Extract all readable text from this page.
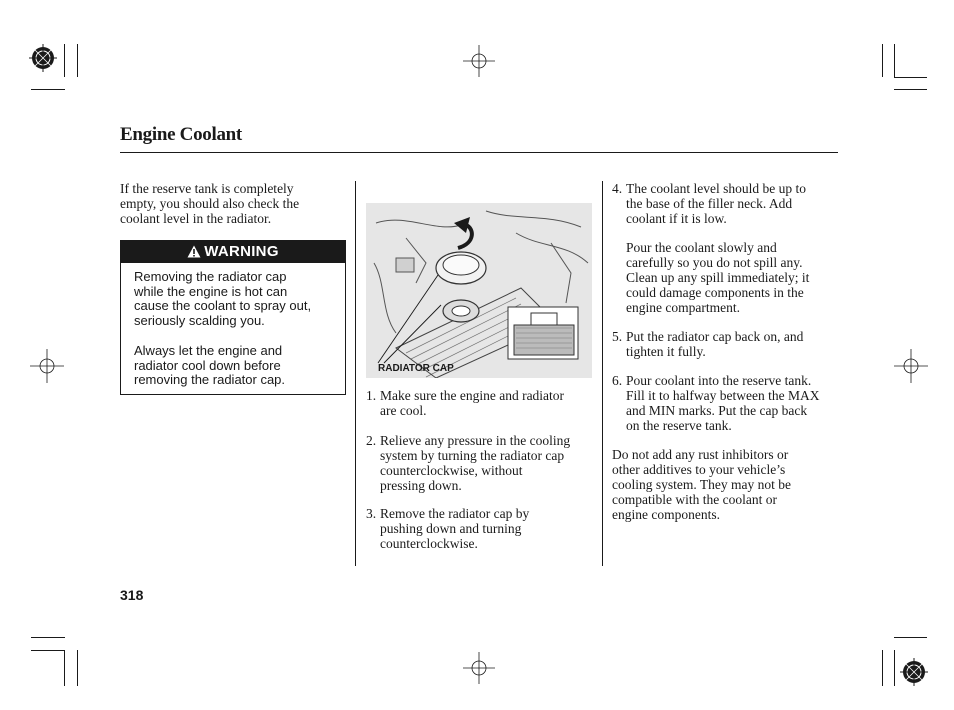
Engine Coolant
If the reserve tank is completely
empty, you should also check the
coolant level in the radiator.
WARNING
Removing the radiator cap
while the engine is hot can
cause the coolant to spray out,
seriously scalding you.
Always let the engine and
radiator cool down before
removing the radiator cap.
RADIATOR CAP
1. Make sure the engine and radiator
are cool.
2. Relieve any pressure in the cooling
system by turning the radiator cap
counterclockwise, without
pressing down.
3. Remove the radiator cap by
pushing down and turning
counterclockwise.
4. The coolant level should be up to
the base of the filler neck. Add
coolant if it is low.
Pour the coolant slowly and
carefully so you do not spill any.
Clean up any spill immediately; it
could damage components in the
engine compartment.
5. Put the radiator cap back on, and
tighten it fully.
6. Pour coolant into the reserve tank.
Fill it to halfway between the MAX
and MIN marks. Put the cap back
on the reserve tank.
Do not add any rust inhibitors or
other additives to your vehicle’s
cooling system. They may not be
compatible with the coolant or
engine components.
318
